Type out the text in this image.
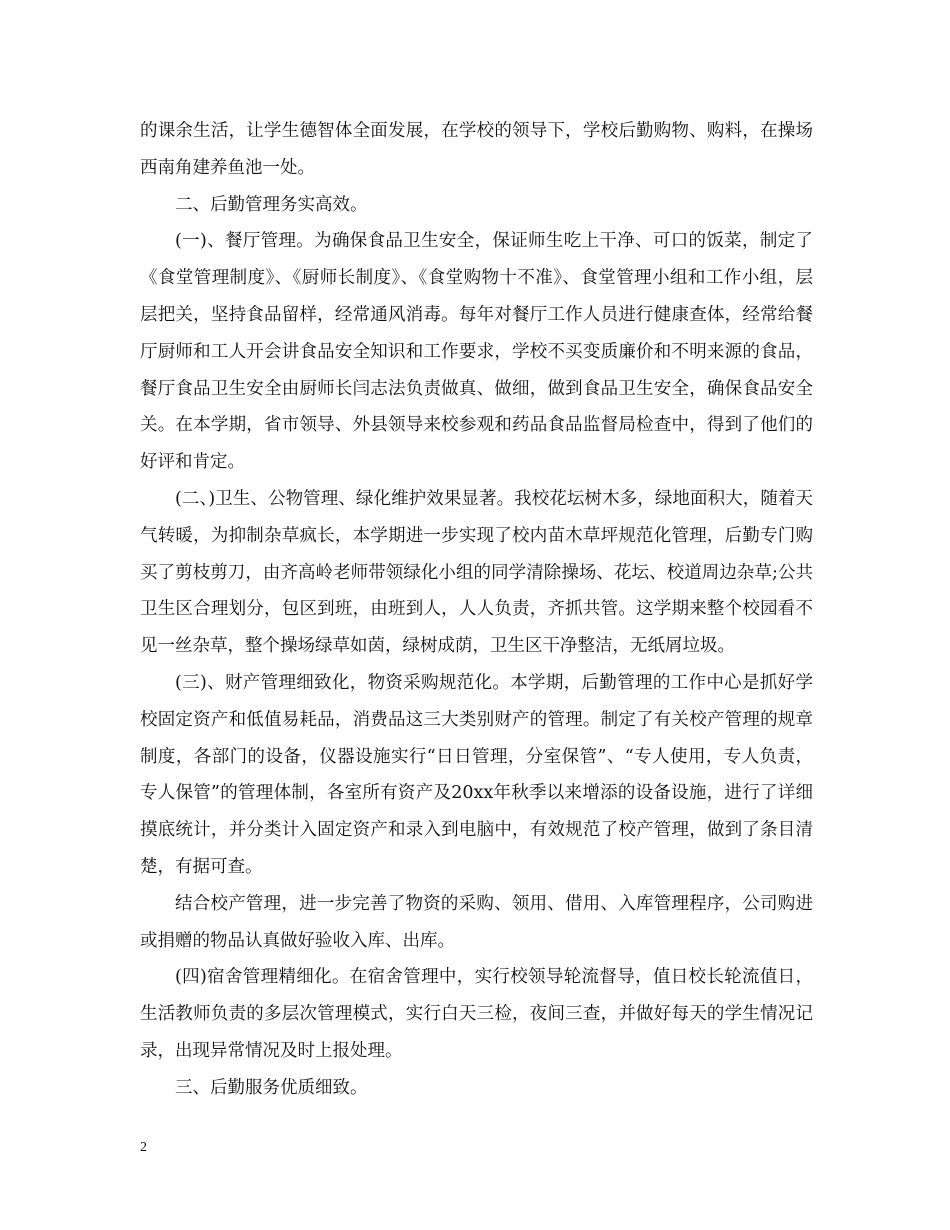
的课余生活，让学生德智体全面发展，在学校的领导下，学校后勤购物、购料，在操场西南角建养鱼池一处。

二、后勤管理务实高效。

(一)、餐厅管理。为确保食品卫生安全，保证师生吃上干净、可口的饭菜，制定了《食堂管理制度》、《厨师长制度》、《食堂购物十不准》、食堂管理小组和工作小组，层层把关，坚持食品留样，经常通风消毒。每年对餐厅工作人员进行健康查体，经常给餐厅厨师和工人开会讲食品安全知识和工作要求，学校不买变质廉价和不明来源的食品，餐厅食品卫生安全由厨师长闫志法负责做真、做细，做到食品卫生安全，确保食品安全关。在本学期，省市领导、外县领导来校参观和药品食品监督局检查中，得到了他们的好评和肯定。

(二、)卫生、公物管理、绿化维护效果显著。我校花坛树木多，绿地面积大，随着天气转暖，为抑制杂草疯长，本学期进一步实现了校内苗木草坪规范化管理，后勤专门购买了剪枝剪刀，由齐高岭老师带领绿化小组的同学清除操场、花坛、校道周边杂草;公共卫生区合理划分，包区到班，由班到人，人人负责，齐抓共管。这学期来整个校园看不见一丝杂草，整个操场绿草如茵，绿树成荫，卫生区干净整洁，无纸屑垃圾。

(三)、财产管理细致化，物资采购规范化。本学期，后勤管理的工作中心是抓好学校固定资产和低值易耗品，消费品这三大类别财产的管理。制定了有关校产管理的规章制度，各部门的设备，仪器设施实行“日日管理，分室保管”、“专人使用，专人负责，专人保管”的管理体制，各室所有资产及20xx年秋季以来增添的设备设施，进行了详细摸底统计，并分类计入固定资产和录入到电脑中，有效规范了校产管理，做到了条目清楚，有据可查。

结合校产管理，进一步完善了物资的采购、领用、借用、入库管理程序，公司购进或捐赠的物品认真做好验收入库、出库。

(四)宿舍管理精细化。在宿舍管理中，实行校领导轮流督导，值日校长轮流值日，生活教师负责的多层次管理模式，实行白天三检，夜间三查，并做好每天的学生情况记录，出现异常情况及时上报处理。

三、后勤服务优质细致。

2
